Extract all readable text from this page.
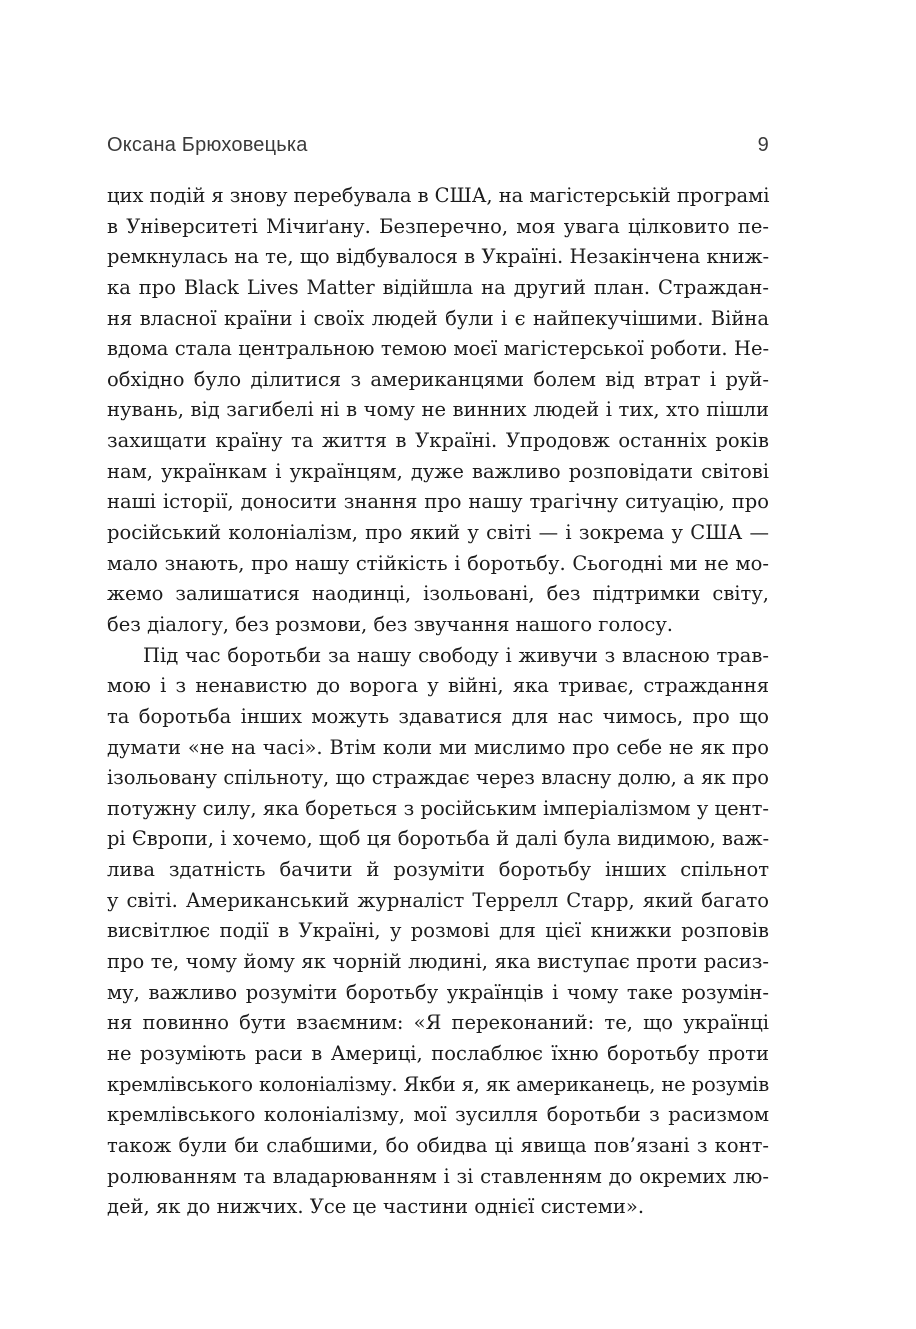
Оксана Брюховецька	9
цих подій я знову перебувала в США, на магістерській програмі
в Університеті Мічиґану. Безперечно, моя увага цілковито пе-
ремкнулась на те, що відбувалося в Україні. Незакінчена книж-
ка про Black Lives Matter відійшла на другий план. Страждан-
ня власної країни і своїх людей були і є найпекучішими. Війна
вдома стала центральною темою моєї магістерської роботи. Не-
обхідно було ділитися з американцями болем від втрат і руй-
нувань, від загибелі ні в чому не винних людей і тих, хто пішли
захищати країну та життя в Україні. Упродовж останніх років
нам, українкам і українцям, дуже важливо розповідати світові
наші історії, доносити знання про нашу трагічну ситуацію, про
російський колоніалізм, про який у світі — і зокрема у США —
мало знають, про нашу стійкість і боротьбу. Сьогодні ми не мо-
жемо залишатися наодинці, ізольовані, без підтримки світу,
без діалогу, без розмови, без звучання нашого голосу.
Під час боротьби за нашу свободу і живучи з власною трав-
мою і з ненавистю до ворога у війні, яка триває, страждання
та боротьба інших можуть здаватися для нас чимось, про що
думати «не на часі». Втім коли ми мислимо про себе не як про
ізольовану спільноту, що страждає через власну долю, а як про
потужну силу, яка бореться з російським імперіалізмом у цент-
рі Європи, і хочемо, щоб ця боротьба й далі була видимою, важ-
лива здатність бачити й розуміти боротьбу інших спільнот
у світі. Американський журналіст Террелл Старр, який багато
висвітлює події в Україні, у розмові для цієї книжки розповів
про те, чому йому як чорній людині, яка виступає проти расиз-
му, важливо розуміти боротьбу українців і чому таке розумін-
ня повинно бути взаємним: «Я переконаний: те, що українці
не розуміють раси в Америці, послаблює їхню боротьбу проти
кремлівського колоніалізму. Якби я, як американець, не розумів
кремлівського колоніалізму, мої зусилля боротьби з расизмом
також були би слабшими, бо обидва ці явища пов’язані з конт-
ролюванням та владарюванням і зі ставленням до окремих лю-
дей, як до нижчих. Усе це частини однієї системи».
